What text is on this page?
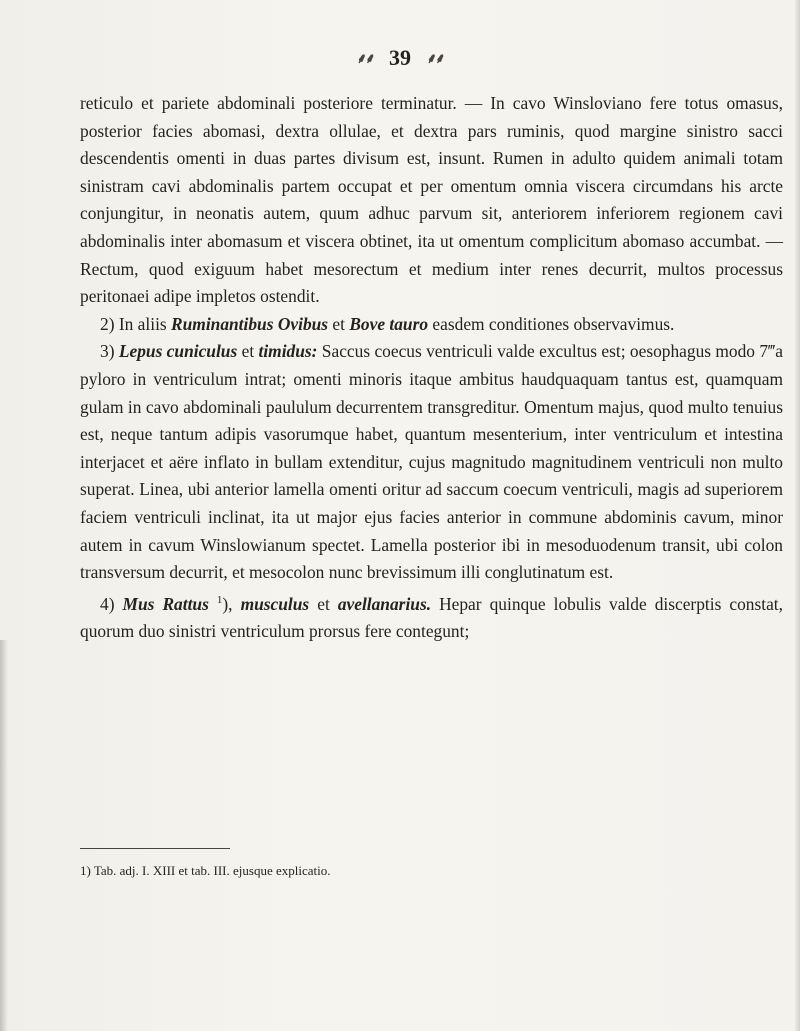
⸙⸙ 39 ⸙⸙

reticulo et pariete abdominali posteriore terminatur. — In cavo Winsloviano fere totus omasus, posterior facies abomasi, dextra ollulae, et dextra pars ruminis, quod margine sinistro sacci descendentis omenti in duas partes divisum est, insunt. Rumen in adulto quidem animali totam sinistram cavi abdominalis partem occupat et per omentum omnia viscera circumdans his arcte conjungitur, in neonatis autem, quum adhuc parvum sit, anteriorem inferiorem regionem cavi abdominalis inter abomasum et viscera obtinet, ita ut omentum complicitum abomaso accumbat. — Rectum, quod exiguum habet mesorectum et medium inter renes decurrit, multos processus peritonaei adipe impletos ostendit.

2) In aliis Ruminantibus Ovibus et Bove tauro easdem conditiones observavimus.

3) Lepus cuniculus et timidus: Saccus coecus ventriculi valde excultus est; oesophagus modo 7‴a pyloro in ventriculum intrat; omenti minoris itaque ambitus haudquaquam tantus est, quamquam gulam in cavo abdominali paululum decurrentem transgreditur. Omentum majus, quod multo tenuius est, neque tantum adipis vasorumque habet, quantum mesenterium, inter ventriculum et intestina interjacet et aëre inflato in bullam extenditur, cujus magnitudo magnitudinem ventriculi non multo superat. Linea, ubi anterior lamella omenti oritur ad saccum coecum ventriculi, magis ad superiorem faciem ventriculi inclinat, ita ut major ejus facies anterior in commune abdominis cavum, minor autem in cavum Winslowianum spectet. Lamella posterior ibi in mesoduodenum transit, ubi colon transversum decurrit, et mesocolon nunc brevissimum illi conglutinatum est.

4) Mus Rattus $^1$), musculus et avellanarius. Hepar quinque lobulis valde discerptis constat, quorum duo sinistri ventriculum prorsus fere contegunt;

1) Tab. adj. I. XIII et tab. III. ejusque explicatio.
